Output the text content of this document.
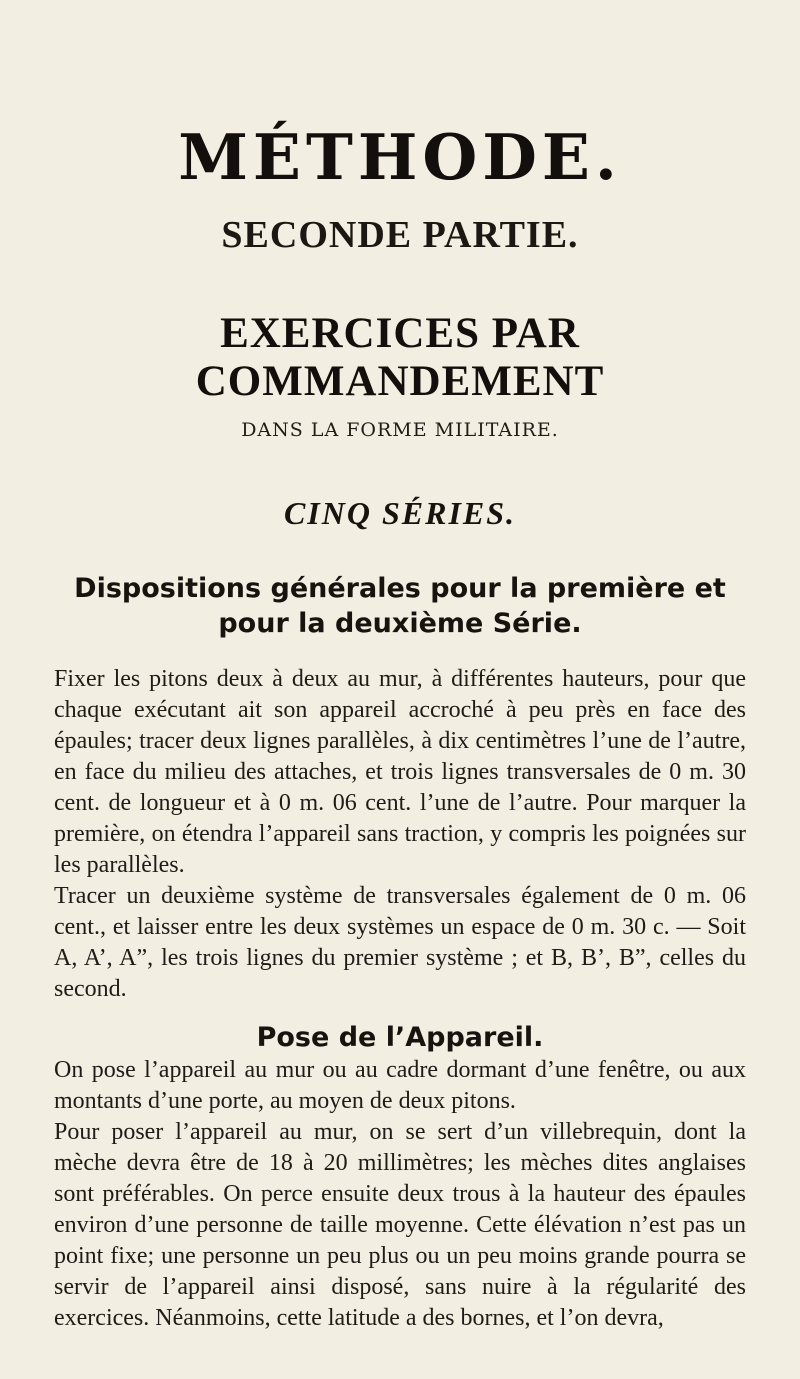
MÉTHODE.
SECONDE PARTIE.
EXERCICES PAR COMMANDEMENT
DANS LA FORME MILITAIRE.
CINQ SÉRIES.
Dispositions générales pour la première et pour la deuxième Série.

Fixer les pitons deux à deux au mur, à différentes hauteurs, pour que chaque exécutant ait son appareil accroché à peu près en face des épaules; tracer deux lignes parallèles, à dix centimètres l’une de l’autre, en face du milieu des attaches, et trois lignes transversales de 0 m. 30 cent. de longueur et à 0 m. 06 cent. l’une de l’autre. Pour marquer la première, on étendra l’appareil sans traction, y compris les poignées sur les parallèles.

Tracer un deuxième système de transversales également de 0 m. 06 cent., et laisser entre les deux systèmes un espace de 0 m. 30 c. — Soit A, A’, A”, les trois lignes du premier système ; et B, B’, B”, celles du second.

Pose de l’Appareil.

On pose l’appareil au mur ou au cadre dormant d’une fenêtre, ou aux montants d’une porte, au moyen de deux pitons.

Pour poser l’appareil au mur, on se sert d’un villebrequin, dont la mèche devra être de 18 à 20 millimètres; les mèches dites anglaises sont préférables. On perce ensuite deux trous à la hauteur des épaules environ d’une personne de taille moyenne. Cette élévation n’est pas un point fixe; une personne un peu plus ou un peu moins grande pourra se servir de l’appareil ainsi disposé, sans nuire à la régularité des exercices. Néanmoins, cette latitude a des bornes, et l’on devra,
